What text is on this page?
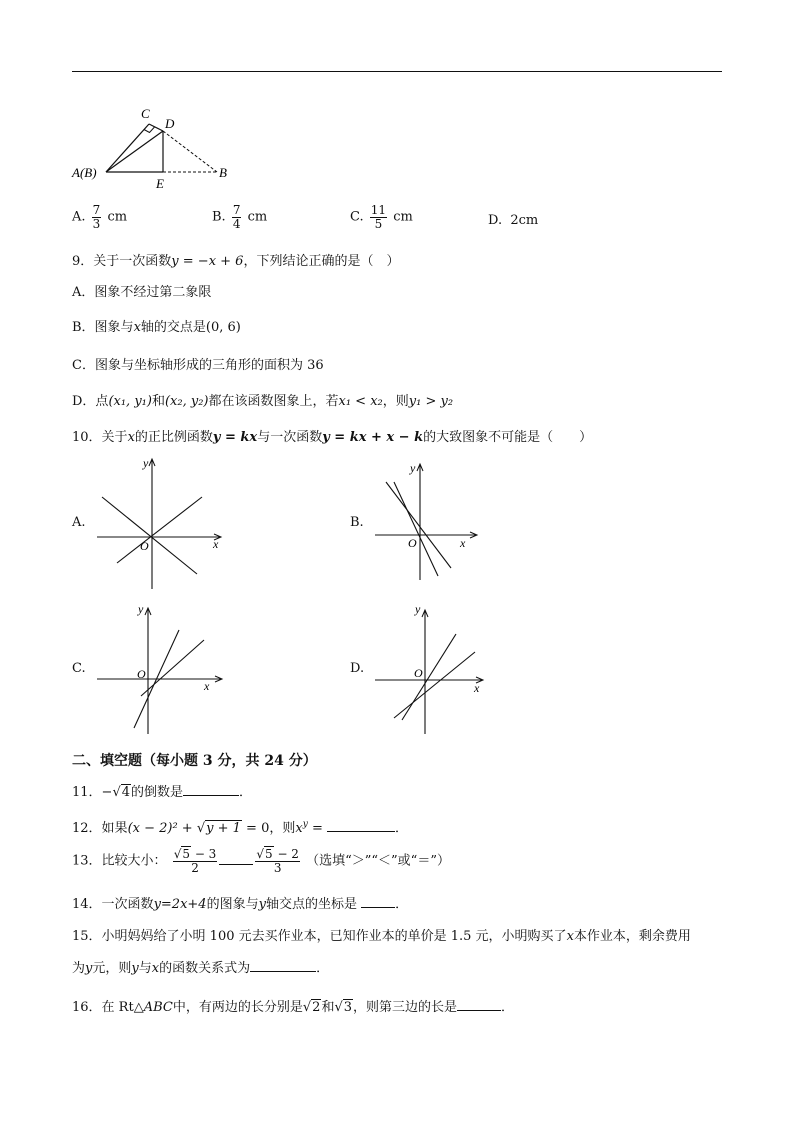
C
D
A(B)
E
B
A. $\frac{7}{3}$ cm	B. $\frac{7}{4}$ cm	C. $\frac{11}{5}$ cm	D. 2cm
9．关于一次函数y = −x + 6，下列结论正确的是（　）
A．图象不经过第二象限
B．图象与x轴的交点是(0, 6)
C．图象与坐标轴形成的三角形的面积为 36
D．点(x₁, y₁)和(x₂, y₂)都在该函数图象上，若x₁ < x₂，则y₁ > y₂
10．关于x的正比例函数y = kx与一次函数y = kx + x − k的大致图象不可能是（　　）
A.
x
y
O
B.
x
y
O
C.
x
y
O	D.
x
y
O
二、填空题（每小题 3 分，共 24 分）
11．−√4的倒数是	．
12．如果(x − 2)² + √y + 1 = 0，则$x^y$ =	．
13．比较大小： $\frac{√5 - 3}{2}$	$\frac{√5 - 2}{3}$ （选填“＞”“＜”或“＝”）
14．一次函数y=2x+4的图象与y轴交点的坐标是	．
15．小明妈妈给了小明 100 元去买作业本，已知作业本的单价是 1.5 元，小明购买了x本作业本，剩余费用
为y元，则y与x的函数关系式为	．
16．在 Rt△ABC中，有两边的长分别是√2和√3，则第三边的长是	．
